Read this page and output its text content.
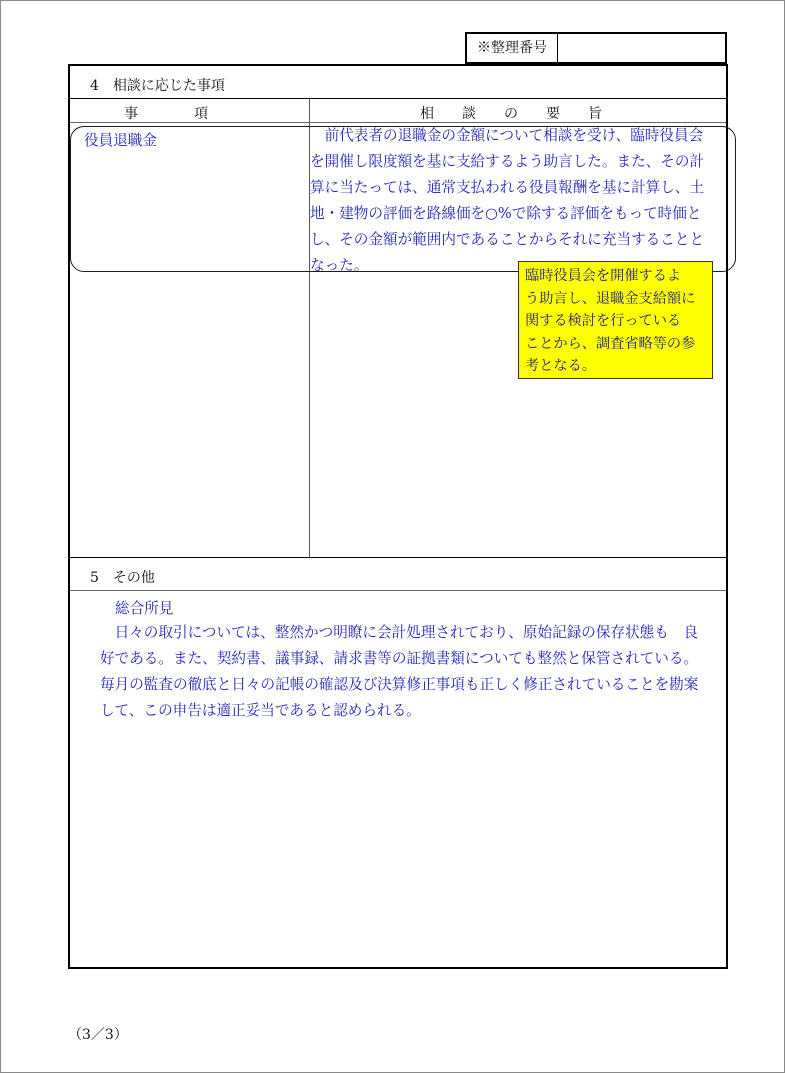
※整理番号
4　相談に応じた事項
事　　　　項	相　　談　　の　　要　　旨
役員退職金	　前代表者の退職金の金額について相談を受け、臨時役員会
を開催し限度額を基に支給するよう助言した。また、その計
算に当たっては、通常支払われる役員報酬を基に計算し、土
地・建物の評価を路線価を○%で除する評価をもって時価と
し、その金額が範囲内であることからそれに充当することと
なった。
臨時役員会を開催するよ
う助言し、退職金支給額に
関する検討を行っている
ことから、調査省略等の参
考となる。
5　その他
総合所見
　日々の取引については、整然かつ明瞭に会計処理されており、原始記録の保存状態も　良
好である。また、契約書、議事録、請求書等の証拠書類についても整然と保管されている。
毎月の監査の徹底と日々の記帳の確認及び決算修正事項も正しく修正されていることを勘案
して、この申告は適正妥当であると認められる。
（3／3）
